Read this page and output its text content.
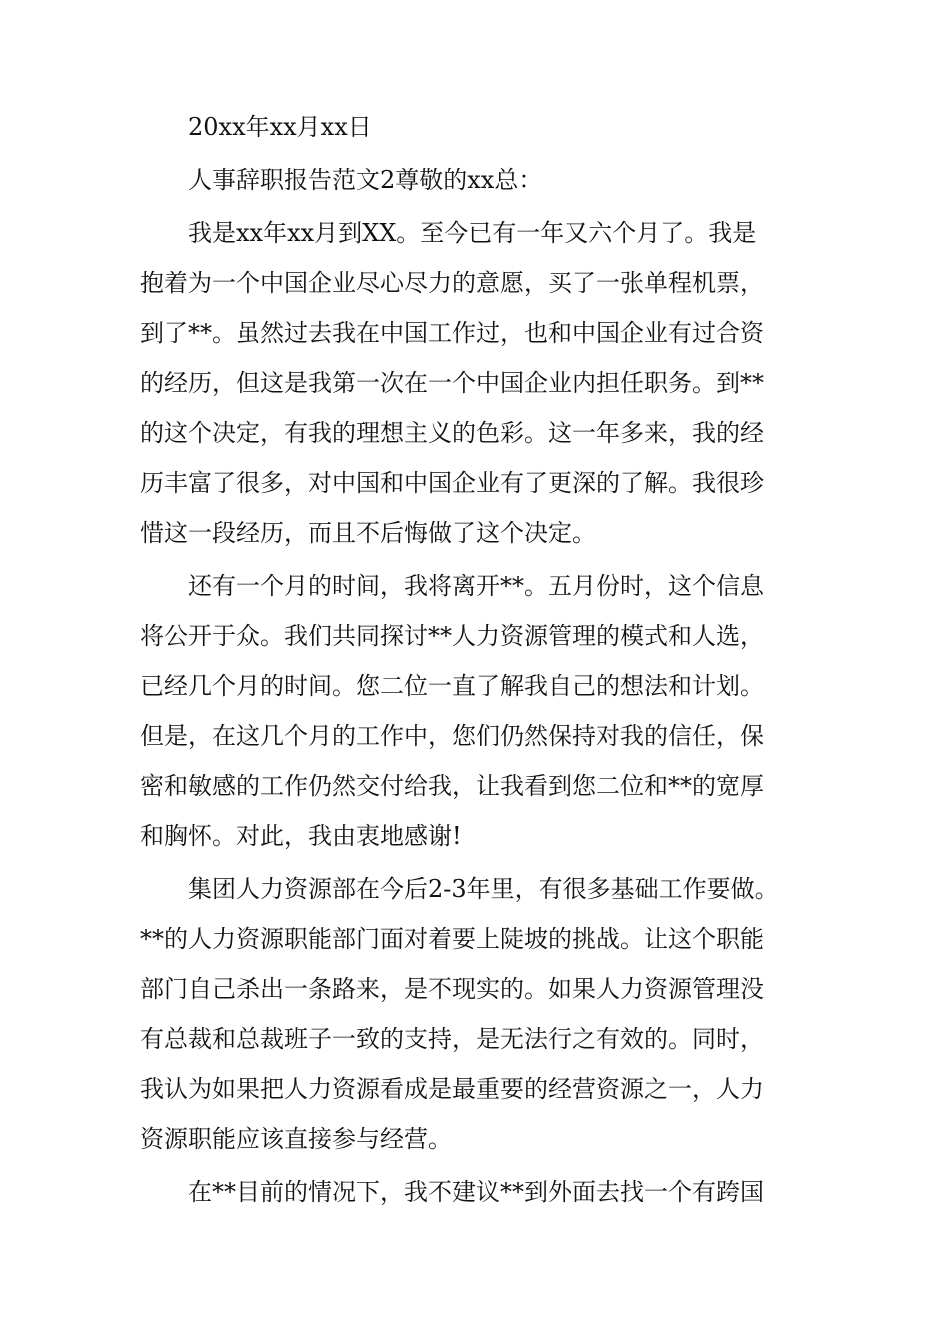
20xx年xx月xx日
人事辞职报告范文2尊敬的xx总：
我是xx年xx月到XX。至今已有一年又六个月了。我是
抱着为一个中国企业尽心尽力的意愿，买了一张单程机票，
到了**。虽然过去我在中国工作过，也和中国企业有过合资
的经历，但这是我第一次在一个中国企业内担任职务。到**
的这个决定，有我的理想主义的色彩。这一年多来，我的经
历丰富了很多，对中国和中国企业有了更深的了解。我很珍
惜这一段经历，而且不后悔做了这个决定。
还有一个月的时间，我将离开**。五月份时，这个信息
将公开于众。我们共同探讨**人力资源管理的模式和人选，
已经几个月的时间。您二位一直了解我自己的想法和计划。
但是，在这几个月的工作中，您们仍然保持对我的信任，保
密和敏感的工作仍然交付给我，让我看到您二位和**的宽厚
和胸怀。对此，我由衷地感谢!
集团人力资源部在今后2-3年里，有很多基础工作要做。
**的人力资源职能部门面对着要上陡坡的挑战。让这个职能
部门自己杀出一条路来，是不现实的。如果人力资源管理没
有总裁和总裁班子一致的支持，是无法行之有效的。同时，
我认为如果把人力资源看成是最重要的经营资源之一，人力
资源职能应该直接参与经营。
在**目前的情况下，我不建议**到外面去找一个有跨国
